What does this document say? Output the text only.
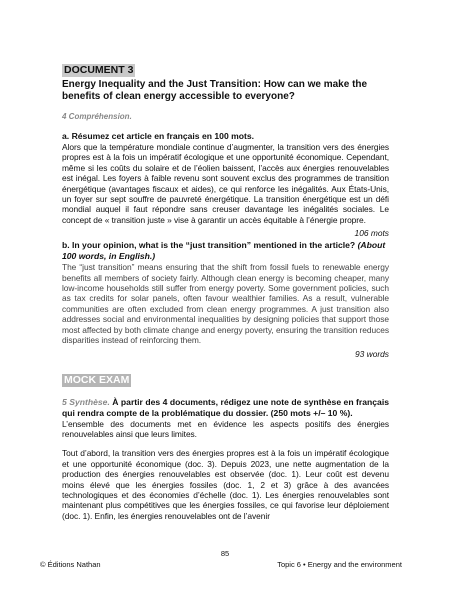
DOCUMENT 3
Energy Inequality and the Just Transition: How can we make the benefits of clean energy accessible to everyone?
4 Compréhension.
a. Résumez cet article en français en 100 mots.
Alors que la température mondiale continue d’augmenter, la transition vers des énergies propres est à la fois un impératif écologique et une opportunité économique. Cependant, même si les coûts du solaire et de l’éolien baissent, l’accès aux énergies renouvelables est inégal. Les foyers à faible revenu sont souvent exclus des programmes de transition énergétique (avantages fiscaux et aides), ce qui renforce les inégalités. Aux États-Unis, un foyer sur sept souffre de pauvreté énergétique. La transition énergétique est un défi mondial auquel il faut répondre sans creuser davantage les inégalités sociales. Le concept de « transition juste » vise à garantir un accès équitable à l’énergie propre.
106 mots
b. In your opinion, what is the “just transition” mentioned in the article? (About 100 words, in English.)
The “just transition” means ensuring that the shift from fossil fuels to renewable energy benefits all members of society fairly. Although clean energy is becoming cheaper, many low-income households still suffer from energy poverty. Some government policies, such as tax credits for solar panels, often favour wealthier families. As a result, vulnerable communities are often excluded from clean energy programmes. A just transition also addresses social and environmental inequalities by designing policies that support those most affected by both climate change and energy poverty, ensuring the transition reduces disparities instead of reinforcing them.
93 words
MOCK EXAM
5 Synthèse. À partir des 4 documents, rédigez une note de synthèse en français qui rendra compte de la problématique du dossier. (250 mots +/– 10 %).
L’ensemble des documents met en évidence les aspects positifs des énergies renouvelables ainsi que leurs limites.
Tout d’abord, la transition vers des énergies propres est à la fois un impératif écologique et une opportunité économique (doc. 3). Depuis 2023, une nette augmentation de la production des énergies renouvelables est observée (doc. 1). Leur coût est devenu moins élevé que les énergies fossiles (doc. 1, 2 et 3) grâce à des avancées technologiques et des économies d’échelle (doc. 1). Les énergies renouvelables sont maintenant plus compétitives que les énergies fossiles, ce qui favorise leur déploiement (doc. 1). Enfin, les énergies renouvelables ont de l’avenir
85
© Éditions Nathan	Topic 6 • Energy and the environment
